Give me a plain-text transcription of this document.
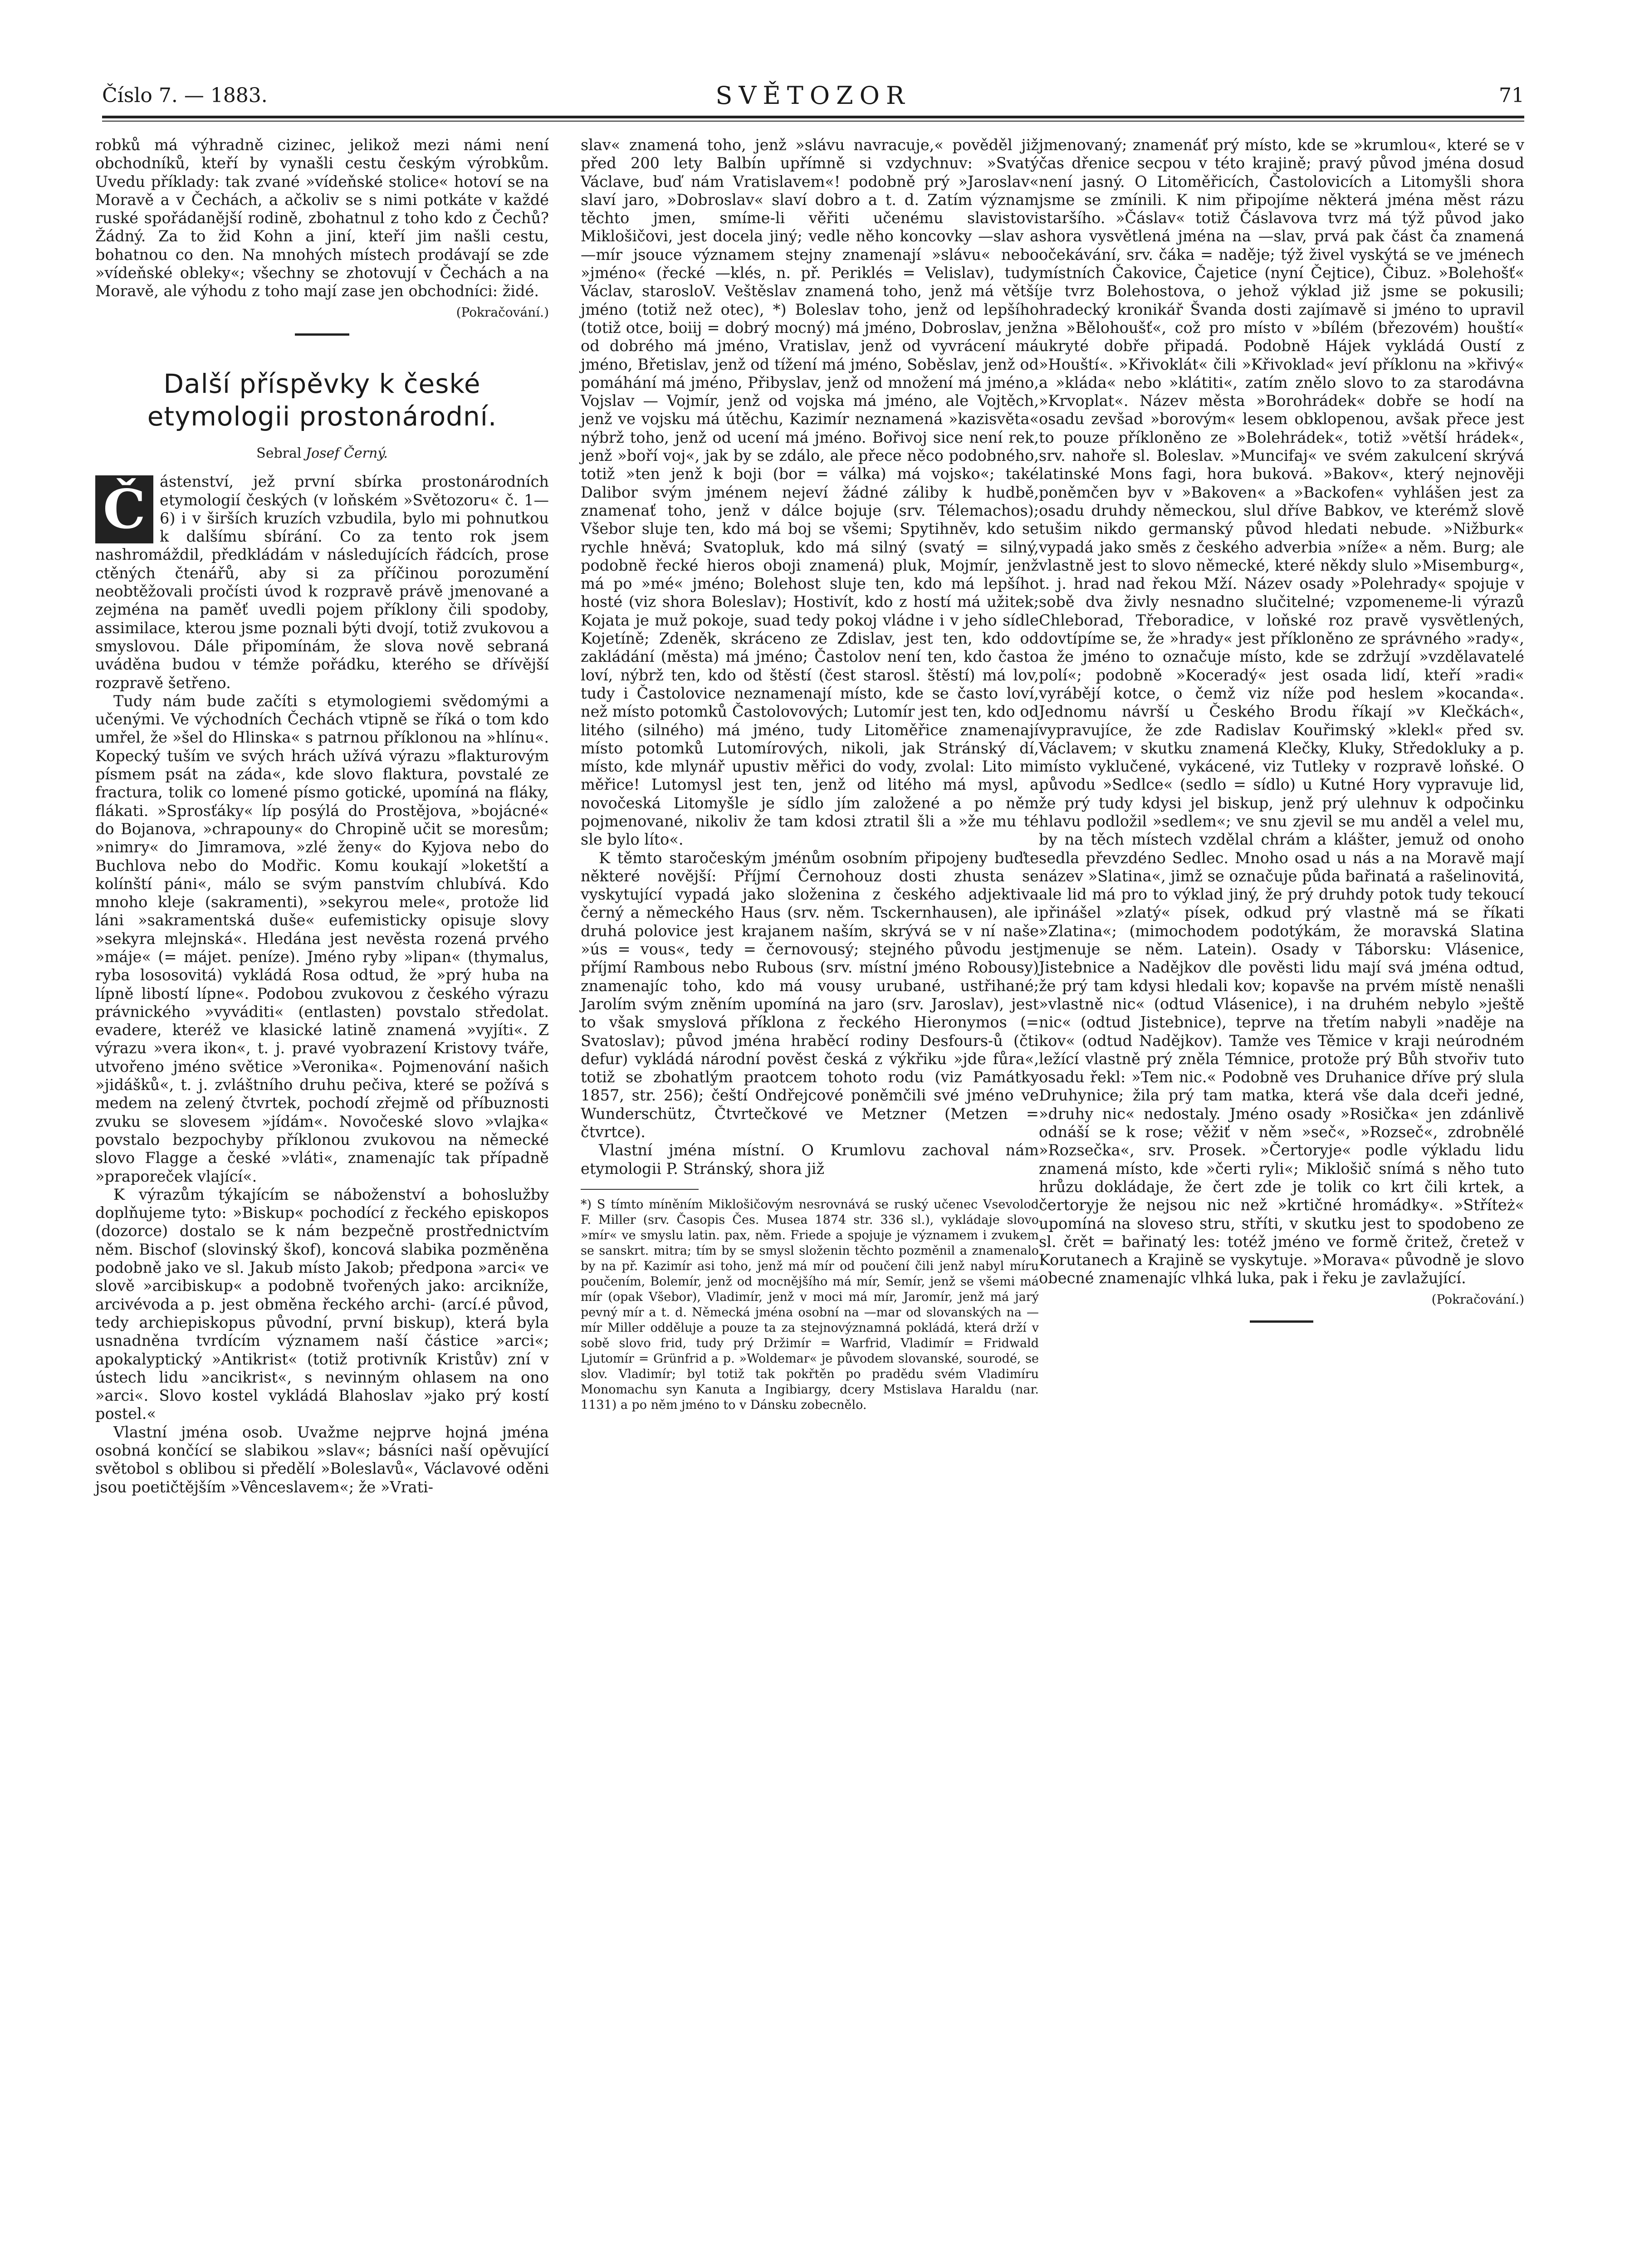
Číslo 7. — 1883.	SVĚTOZOR	71

robků má výhradně cizinec, jelikož mezi námi není obchodníků, kteří by vynašli cestu českým výrobkům. Uvedu příklady: tak zvané »vídeňské stolice« hotoví se na Moravě a v Čechách, a ačkoliv se s nimi potkáte v každé ruské spořádanější rodině, zbohatnul z toho kdo z Čechů? Žádný. Za to žid Kohn a jiní, kteří jim našli cestu, bohatnou co den. Na mnohých místech prodávají se zde »vídeňské obleky«; všechny se zhotovují v Čechách a na Moravě, ale výhodu z toho mají zase jen obchodníci: židé.

(Pokračování.)
Další příspěvky k české etymologii prostonárodní.
Sebral Josef Černý.

Č ástenství, jež první sbírka prostonárodních etymologií českých (v loňském »Světozoru« č. 1—6) i v širších kruzích vzbudila, bylo mi pohnutkou k dalšímu sbírání. Co za tento rok jsem nashromáždil, předkládám v následujících řádcích, prose ctěných čtenářů, aby si za příčinou porozumění neobtěžovali pročísti úvod k rozpravě právě jmenované a zejména na paměť uvedli pojem příklony čili spodoby, assimilace, kterou jsme poznali býti dvojí, totiž zvukovou a smyslovou. Dále připomínám, že slova nově sebraná uváděna budou v témže pořádku, kterého se dřívější rozpravě šetřeno.

Tudy nám bude začíti s etymologiemi svědomými a učenými. Ve východních Čechách vtipně se říká o tom kdo umřel, že »šel do Hlinska« s patrnou příklonou na »hlínu«. Kopecký tuším ve svých hrách užívá výrazu »flakturovým písmem psát na záda«, kde slovo flaktura, povstalé ze fractura, tolik co lomené písmo gotické, upomíná na fláky, flákati. »Sprosťáky« líp posýlá do Prostějova, »bojácné« do Bojanova, »chrapouny« do Chropině učit se moresům; »nimry« do Jimramova, »zlé ženy« do Kyjova nebo do Buchlova nebo do Modřic. Komu koukají »loketští a kolínští páni«, málo se svým panstvím chlubívá. Kdo mnoho kleje (sakramenti), »sekyrou mele«, protože lid láni »sakramentská duše« eufemisticky opisuje slovy »sekyra mlejnská«. Hledána jest nevěsta rozená prvého »máje« (= májet. peníze). Jméno ryby »lipan« (thymalus, ryba lososovitá) vykládá Rosa odtud, že »prý huba na lípně libostí lípne«. Podobou zvukovou z českého výrazu právnického »vyváditi« (entlasten) povstalo středolat. evadere, kteréž ve klasické latině znamená »vyjíti«. Z výrazu »vera ikon«, t. j. pravé vyobrazení Kristovy tváře, utvořeno jméno světice »Veronika«. Pojmenování našich »jidášků«, t. j. zvláštního druhu pečiva, které se požívá s medem na zelený čtvrtek, pochodí zřejmě od příbuznosti zvuku se slovesem »jídám«. Novočeské slovo »vlajka« povstalo bezpochyby příklonou zvukovou na německé slovo Flagge a české »vláti«, znamenajíc tak případně »praporeček vlající«.

K výrazům týkajícím se náboženství a bohoslužby doplňujeme tyto: »Biskup« pochodící z řeckého episkopos (dozorce) dostalo se k nám bezpečně prostřednictvím něm. Bischof (slovinský škof), koncová slabika pozměněna podobně jako ve sl. Jakub místo Jakob; předpona »arci« ve slově »arcibiskup« a podobně tvořených jako: arcikníže, arcivévoda a p. jest obměna řeckého archi- (arcí.é původ, tedy archiepiskopus původní, první biskup), která byla usnadněna tvrdícím významem naší částice »arci«; apokalyptický »Antikrist« (totiž protivník Kristův) zní v ústech lidu »ancikrist«, s nevinným ohlasem na ono »arci«. Slovo kostel vykládá Blahoslav »jako prý kostí postel.«

Vlastní jména osob. Uvažme nejprve hojná jména osobná končící se slabikou »slav«; básníci naší opěvující světobol s oblibou si předělí »Boleslavů«, Václavové oděni jsou poetičtějším »Vênceslavem«; že »Vrati-

slav« znamená toho, jenž »slávu navracuje,« pověděl již před 200 lety Balbín upřímně si vzdychnuv: »Svatý Václave, buď nám Vratislavem«! podobně prý »Jaroslav« slaví jaro, »Dobroslav« slaví dobro a t. d. Zatím význam těchto jmen, smíme-li věřiti učenému slavistovi Miklošičovi, jest docela jiný; vedle něho koncovky —slav a —mír jsouce významem stejny znamenají »slávu« nebo »jméno« (řecké —klés, n. př. Periklés = Velislav), tudy Václav, starosloV. Veštěslav znamená toho, jenž má větší jméno (totiž než otec), *) Boleslav toho, jenž od lepšího (totiž otce, boiij = dobrý mocný) má jméno, Dobroslav, jenž od dobrého má jméno, Vratislav, jenž od vyvrácení má jméno, Břetislav, jenž od tížení má jméno, Soběslav, jenž od pomáhání má jméno, Přibyslav, jenž od množení má jméno, Vojslav — Vojmír, jenž od vojska má jméno, ale Vojtěch, jenž ve vojsku má útěchu, Kazimír neznamená »kazisvěta« nýbrž toho, jenž od ucení má jméno. Bořivoj sice není rek, jenž »boří voj«, jak by se zdálo, ale přece něco podobného, totiž »ten jenž k boji (bor = válka) má vojsko«; také Dalibor svým jménem nejeví žádné záliby k hudbě, znamenať toho, jenž v dálce bojuje (srv. Télemachos); Všebor sluje ten, kdo má boj se všemi; Spytihněv, kdo se rychle hněvá; Svatopluk, kdo má silný (svatý = silný, podobně řecké hieros oboji znamená) pluk, Mojmír, jenž má po »mé« jméno; Bolehost sluje ten, kdo má lepšího hosté (viz shora Boleslav); Hostivít, kdo z hostí má užitek; Kojata je muž pokoje, suad tedy pokoj vládne i v jeho sídle Kojetíně; Zdeněk, skráceno ze Zdislav, jest ten, kdo od zakládání (města) má jméno; Častolov není ten, kdo často loví, nýbrž ten, kdo od štěstí (čest starosl. štěstí) má lov, tudy i Častolovice neznamenají místo, kde se často loví, než místo potomků Častolovových; Lutomír jest ten, kdo od litého (silného) má jméno, tudy Litoměřice znamenají místo potomků Lutomírových, nikoli, jak Stránský dí, místo, kde mlynář upustiv měřici do vody, zvolal: Lito mi měřice! Lutomysl jest ten, jenž od litého má mysl, a novočeská Litomyšle je sídlo jím založené a po něm pojmenované, nikoliv že tam kdosi ztratil šli a »že mu té sle bylo líto«.

K těmto staročeským jménům osobním připojeny buďte některé novější: Příjmí Černohouz dosti zhusta se vyskytující vypadá jako složenina z českého adjektiva černý a německého Haus (srv. něm. Tsckernhausen), ale i druhá polovice jest krajanem naším, skrývá se v ní naše »ús = vous«, tedy = černovousý; stejného původu jest příjmí Rambous nebo Rubous (srv. místní jméno Robousy) znamenajíc toho, kdo má vousy urubané, ustřihané; Jarolím svým zněním upomíná na jaro (srv. Jaroslav), jest to však smyslová příklona z řeckého Hieronymos (= Svatoslav); původ jména hraběcí rodiny Desfours-ů (čti defur) vykládá národní pověst česká z výkřiku »jde fůra«, totiž se zbohatlým praotcem tohoto rodu (viz Památky 1857, str. 256); čeští Ondřejcové poněmčili své jméno ve Wunderschütz, Čtvrtečkové ve Metzner (Metzen = čtvrtce).

Vlastní jména místní. O Krumlovu zachoval nám etymologii P. Stránský, shora již

*) S tímto míněním Miklošičovým nesrovnává se ruský učenec Vsevolod F. Miller (srv. Časopis Čes. Musea 1874 str. 336 sl.), vykládaje slovo »mír« ve smyslu latin. pax, něm. Friede a spojuje je významem i zvukem se sanskrt. mitra; tím by se smysl složenin těchto pozměnil a znamenalo by na př. Kazimír asi toho, jenž má mír od poučení čili jenž nabyl míru poučením, Bolemír, jenž od mocnějšího má mír, Semír, jenž se všemi má mír (opak Všebor), Vladimír, jenž v moci má mír, Jaromír, jenž má jarý pevný mír a t. d. Německá jména osobní na —mar od slovanských na —mír Miller odděluje a pouze ta za stejnovýznamná pokládá, která drží v sobě slovo frid, tudy prý Držimír = Warfrid, Vladimír = Fridwald Ljutomír = Grünfrid a p. »Woldemar« je původem slovanské, sourodé, se slov. Vladimír; byl totiž tak pokřtěn po pradědu svém Vladimíru Monomachu syn Kanuta a Ingibiargy, dcery Mstislava Haraldu (nar. 1131) a po něm jméno to v Dánsku zobecnělo.

jmenovaný; znamenáť prý místo, kde se »krumlou«, které se v čas dřenice secpou v této krajině; pravý původ jména dosud není jasný. O Litoměřicích, Častolovicích a Litomyšli shora jsme se zmínili. K nim připojíme některá jména měst rázu staršího. »Čáslav« totiž Čáslavova tvrz má týž původ jako shora vysvětlená jména na —slav, prvá pak část ča znamená očekávání, srv. čáka = naděje; týž živel vyskýtá se ve jménech místních Čakovice, Čajetice (nyní Čejtice), Čibuz. »Bolehošť« je tvrz Bolehostova, o jehož výklad již jsme se pokusili; hradecký kronikář Švanda dosti zajímavě si jméno to upravil na »Bělohoušť«, což pro místo v »bílém (březovém) houští« ukryté dobře připadá. Podobně Hájek vykládá Oustí z »Houští«. »Křivoklát« čili »Křivoklad« jeví příklonu na »křivý« a »kláda« nebo »klátiti«, zatím znělo slovo to za starodávna »Krvoplat«. Název města »Borohrádek« dobře se hodí na osadu zevšad »borovým« lesem obklopenou, avšak přece jest to pouze příkloněno ze »Bolehrádek«, totiž »větší hrádek«, srv. nahoře sl. Boleslav. »Muncifaj« ve svém zakulcení skrývá latinské Mons fagi, hora buková. »Bakov«, který nejnověji poněmčen byv v »Bakoven« a »Backofen« vyhlášen jest za osadu druhdy německou, slul dříve Babkov, ve kterémž slově tušim nikdo germanský původ hledati nebude. »Nižburk« vypadá jako směs z českého adverbia »níže« a něm. Burg; ale vlastně jest to slovo německé, které někdy slulo »Misemburg«, t. j. hrad nad řekou Mží. Název osady »Polehrady« spojuje v sobě dva živly nesnadno slučitelné; vzpomeneme-li výrazů Chleborad, Třeboradice, v loňské roz pravě vysvětlených, dovtípíme se, že »hrady« jest příkloněno ze správného »rady«, a že jméno to označuje místo, kde se zdržují »vzdělavatelé polí«; podobně »Koceradý« jest osada lidí, kteří »radi« vyrábějí kotce, o čemž viz níže pod heslem »kocanda«. Jednomu návrší u Českého Brodu říkají »v Klečkách«, vypravujíce, že zde Radislav Kouřimský »klekl« před sv. Václavem; v skutku znamená Klečky, Kluky, Středokluky a p. místo vyklučené, vykácené, viz Tutleky v rozpravě loňské. O původu »Sedlce« (sedlo = sídlo) u Kutné Hory vypravuje lid, že prý tudy kdysi jel biskup, jenž prý ulehnuv k odpočinku hlavu podložil »sedlem«; ve snu zjevil se mu anděl a velel mu, by na těch místech vzdělal chrám a klášter, jemuž od onoho sedla převzdéno Sedlec. Mnoho osad u nás a na Moravě mají název »Slatina«, jimž se označuje půda bařinatá a rašelinovitá, ale lid má pro to výklad jiný, že prý druhdy potok tudy tekoucí přinášel »zlatý« písek, odkud prý vlastně má se říkati »Zlatina«; (mimochodem podotýkám, že moravská Slatina jmenuje se něm. Latein). Osady v Táborsku: Vlásenice, Jistebnice a Nadějkov dle pověsti lidu mají svá jména odtud, že prý tam kdysi hledali kov; kopavše na prvém místě nenašli »vlastně nic« (odtud Vlásenice), i na druhém nebylo »ještě nic« (odtud Jistebnice), teprve na třetím nabyli »naděje na kov« (odtud Nadějkov). Tamže ves Těmice v kraji neúrodném ležící vlastně prý zněla Témnice, protože prý Bůh stvořiv tuto osadu řekl: »Tem nic.« Podobně ves Druhanice dříve prý slula Druhynice; žila prý tam matka, která vše dala dceři jedné, »druhy nic« nedostaly. Jméno osady »Rosička« jen zdánlivě odnáší se k rose; věžiť v něm »seč«, »Rozseč«, zdrobnělé »Rozsečka«, srv. Prosek. »Čertoryje« podle výkladu lidu znamená místo, kde »čerti ryli«; Miklošič snímá s něho tuto hrůzu dokládaje, že čert zde je tolik co krt čili krtek, a čertoryje že nejsou nic než »krtičné hromádky«. »Stříteż« upomíná na sloveso stru, stříti, v skutku jest to spodobeno ze sl. črět = bařinatý les: totéž jméno ve formě čritež, čretež v Korutanech a Krajině se vyskytuje. »Morava« původně je slovo obecné znamenajíc vlhká luka, pak i řeku je zavlažující.

(Pokračování.)
